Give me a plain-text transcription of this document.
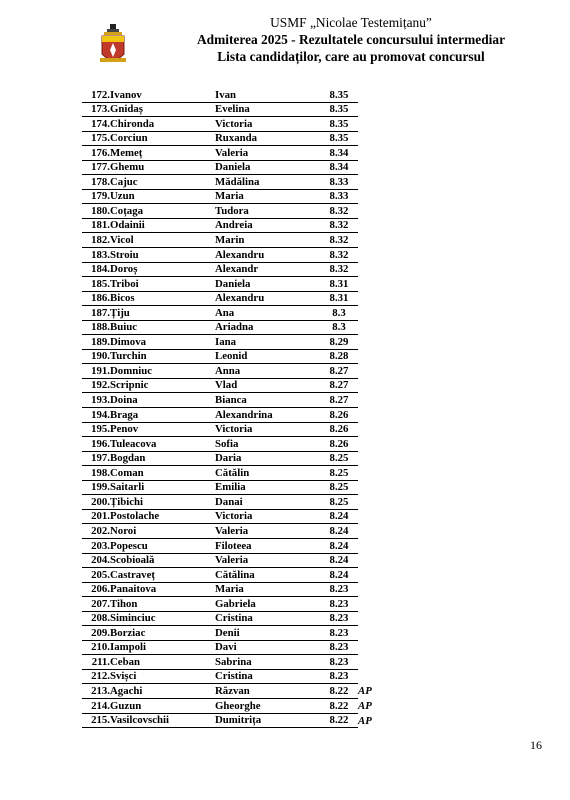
USMF „Nicolae Testemițanu”
Admiterea 2025 - Rezultatele concursului intermediar
Lista candidaților, care au promovat concursul
172.	Ivanov	Ivan	8.35	
173.	Gnidaș	Evelina	8.35	
174.	Chironda	Victoria	8.35	
175.	Corciun	Ruxanda	8.35	
176.	Memeț	Valeria	8.34	
177.	Ghemu	Daniela	8.34	
178.	Cajuc	Mădălina	8.33	
179.	Uzun	Maria	8.33	
180.	Coțaga	Tudora	8.32	
181.	Odainii	Andreia	8.32	
182.	Vicol	Marin	8.32	
183.	Stroiu	Alexandru	8.32	
184.	Doroș	Alexandr	8.32	
185.	Triboi	Daniela	8.31	
186.	Bicos	Alexandru	8.31	
187.	Țiju	Ana	8.3	
188.	Buiuc	Ariadna	8.3	
189.	Dimova	Iana	8.29	
190.	Turchin	Leonid	8.28	
191.	Domniuc	Anna	8.27	
192.	Scripnic	Vlad	8.27	
193.	Doina	Bianca	8.27	
194.	Braga	Alexandrina	8.26	
195.	Penov	Victoria	8.26	
196.	Tuleacova	Sofia	8.26	
197.	Bogdan	Daria	8.25	
198.	Coman	Cătălin	8.25	
199.	Saitarli	Emilia	8.25	
200.	Țibichi	Danai	8.25	
201.	Postolache	Victoria	8.24	
202.	Noroi	Valeria	8.24	
203.	Popescu	Filoteea	8.24	
204.	Scobioală	Valeria	8.24	
205.	Castraveț	Cătălina	8.24	
206.	Panaitova	Maria	8.23	
207.	Tihon	Gabriela	8.23	
208.	Siminciuc	Cristina	8.23	
209.	Borziac	Denii	8.23	
210.	Iampoli	Davi	8.23	
211.	Ceban	Sabrina	8.23	
212.	Svișci	Cristina	8.23	
213.	Agachi	Răzvan	8.22	AP
214.	Guzun	Gheorghe	8.22	AP
215.	Vasilcovschii	Dumitrița	8.22	AP
16
